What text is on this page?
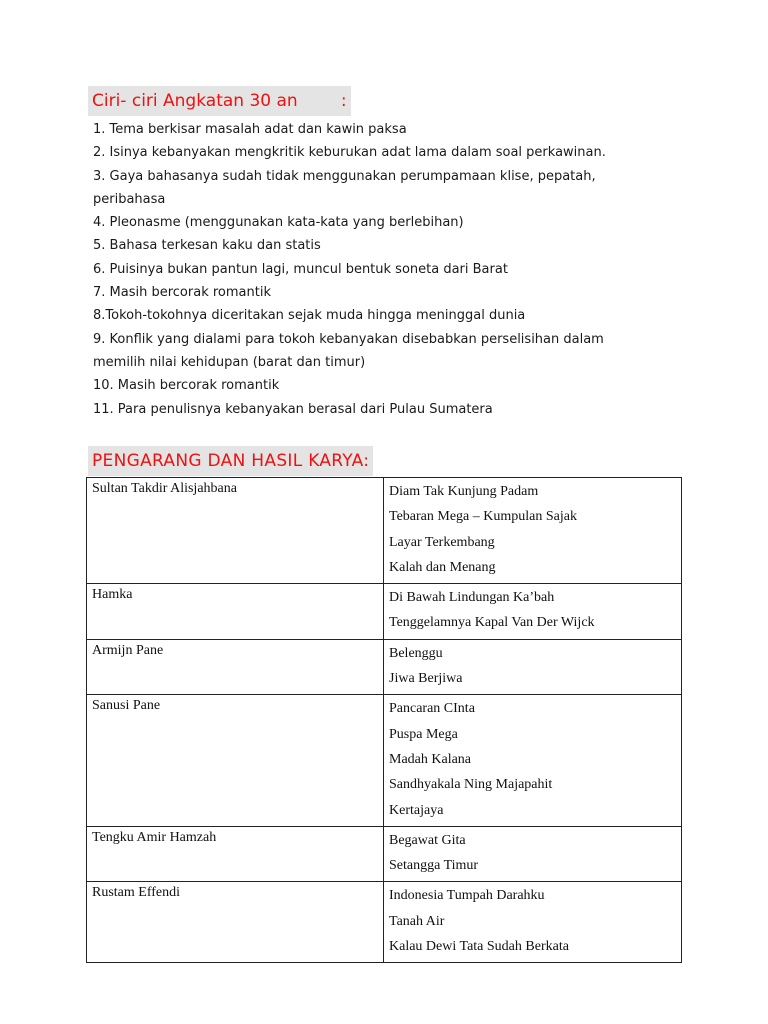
Ciri- ciri Angkatan 30 an        :
1. Tema berkisar masalah adat dan kawin paksa
2. Isinya kebanyakan mengkritik keburukan adat lama dalam soal perkawinan.
3. Gaya bahasanya sudah tidak menggunakan perumpamaan klise, pepatah,
peribahasa
4. Pleonasme (menggunakan kata-kata yang berlebihan)
5. Bahasa terkesan kaku dan statis
6. Puisinya bukan pantun lagi, muncul bentuk soneta dari Barat
7. Masih bercorak romantik
8.Tokoh-tokohnya diceritakan sejak muda hingga meninggal dunia
9. Konflik yang dialami para tokoh kebanyakan disebabkan perselisihan dalam
memilih nilai kehidupan (barat dan timur)
10. Masih bercorak romantik
11. Para penulisnya kebanyakan berasal dari Pulau Sumatera
PENGARANG DAN HASIL KARYA:
Sultan Takdir Alisjahbana	Diam Tak Kunjung Padam
Tebaran Mega – Kumpulan Sajak
Layar Terkembang
Kalah dan Menang

Hamka	Di Bawah Lindungan Ka’bah
Tenggelamnya Kapal Van Der Wijck

Armijn Pane	Belenggu
Jiwa Berjiwa

Sanusi Pane	Pancaran CInta
Puspa Mega
Madah Kalana
Sandhyakala Ning Majapahit
Kertajaya

Tengku Amir Hamzah	Begawat Gita
Setangga Timur

Rustam Effendi	Indonesia Tumpah Darahku
Tanah Air
Kalau Dewi Tata Sudah Berkata
